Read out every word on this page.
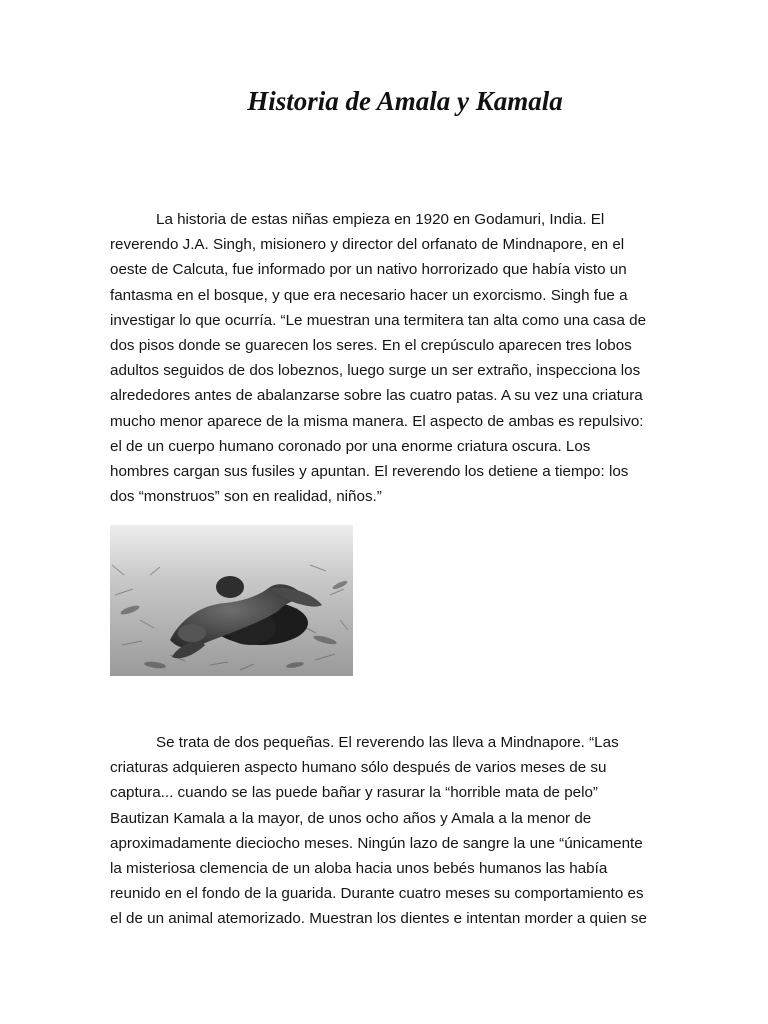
Historia de Amala y Kamala

La historia de estas niñas empieza en 1920 en Godamuri, India. El

reverendo J.A. Singh, misionero y director del orfanato de Mindnapore, en el

oeste de Calcuta, fue informado por un nativo horrorizado que había visto un

fantasma en el bosque, y que era necesario hacer un exorcismo. Singh fue a

investigar lo que ocurría. “Le muestran una termitera tan alta como una casa de

dos pisos donde se guarecen los seres. En el crepúsculo aparecen tres lobos

adultos seguidos de dos lobeznos, luego surge un ser extraño, inspecciona los

alrededores antes de abalanzarse sobre las cuatro patas. A su vez una criatura

mucho menor aparece de la misma manera. El aspecto de ambas es repulsivo:

el de un cuerpo humano coronado por una enorme criatura oscura. Los

hombres cargan sus fusiles y apuntan. El reverendo los detiene a tiempo: los

dos “monstruos” son en realidad, niños.”

Se trata de dos pequeñas. El reverendo las lleva a Mindnapore. “Las

criaturas adquieren aspecto humano sólo después de varios meses de su

captura... cuando se las puede bañar y rasurar la “horrible mata de pelo”

Bautizan Kamala a la mayor, de unos ocho años y Amala a la menor de

aproximadamente dieciocho meses. Ningún lazo de sangre la une “únicamente

la misteriosa clemencia de un aloba hacia unos bebés humanos las había

reunido en el fondo de la guarida. Durante cuatro meses su comportamiento es

el de un animal atemorizado. Muestran los dientes e intentan morder a quien se
